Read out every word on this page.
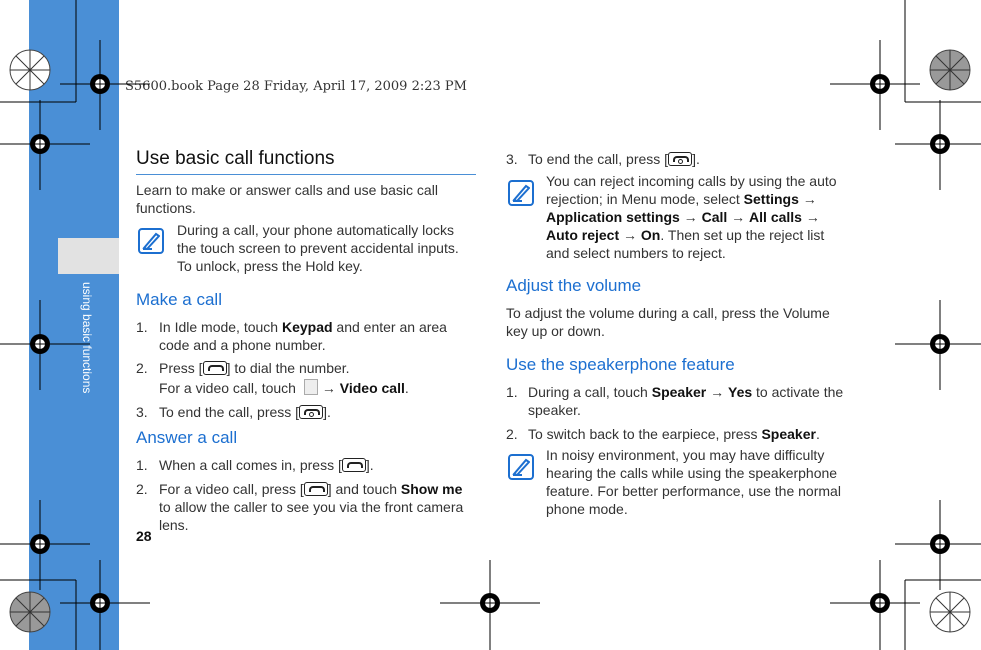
using basic functions
S5600.book Page 28 Friday, April 17, 2009 2:23 PM
Use basic call functions
Learn to make or answer calls and use basic call functions.
During a call, your phone automatically locks the touch screen to prevent accidental inputs. To unlock, press the Hold key.
Make a call
1. In Idle mode, touch Keypad and enter an area code and a phone number.
2. Press [ ] to dial the number.
For a video call, touch → Video call.
3. To end the call, press [ ].
Answer a call
1. When a call comes in, press [ ].
2. For a video call, press [ ] and touch Show me to allow the caller to see you via the front camera lens.
28
3. To end the call, press [ ].
You can reject incoming calls by using the auto rejection; in Menu mode, select Settings → Application settings → Call → All calls → Auto reject → On. Then set up the reject list and select numbers to reject.
Adjust the volume
To adjust the volume during a call, press the Volume key up or down.
Use the speakerphone feature
1. During a call, touch Speaker → Yes to activate the speaker.
2. To switch back to the earpiece, press Speaker.
In noisy environment, you may have difficulty hearing the calls while using the speakerphone feature. For better performance, use the normal phone mode.
